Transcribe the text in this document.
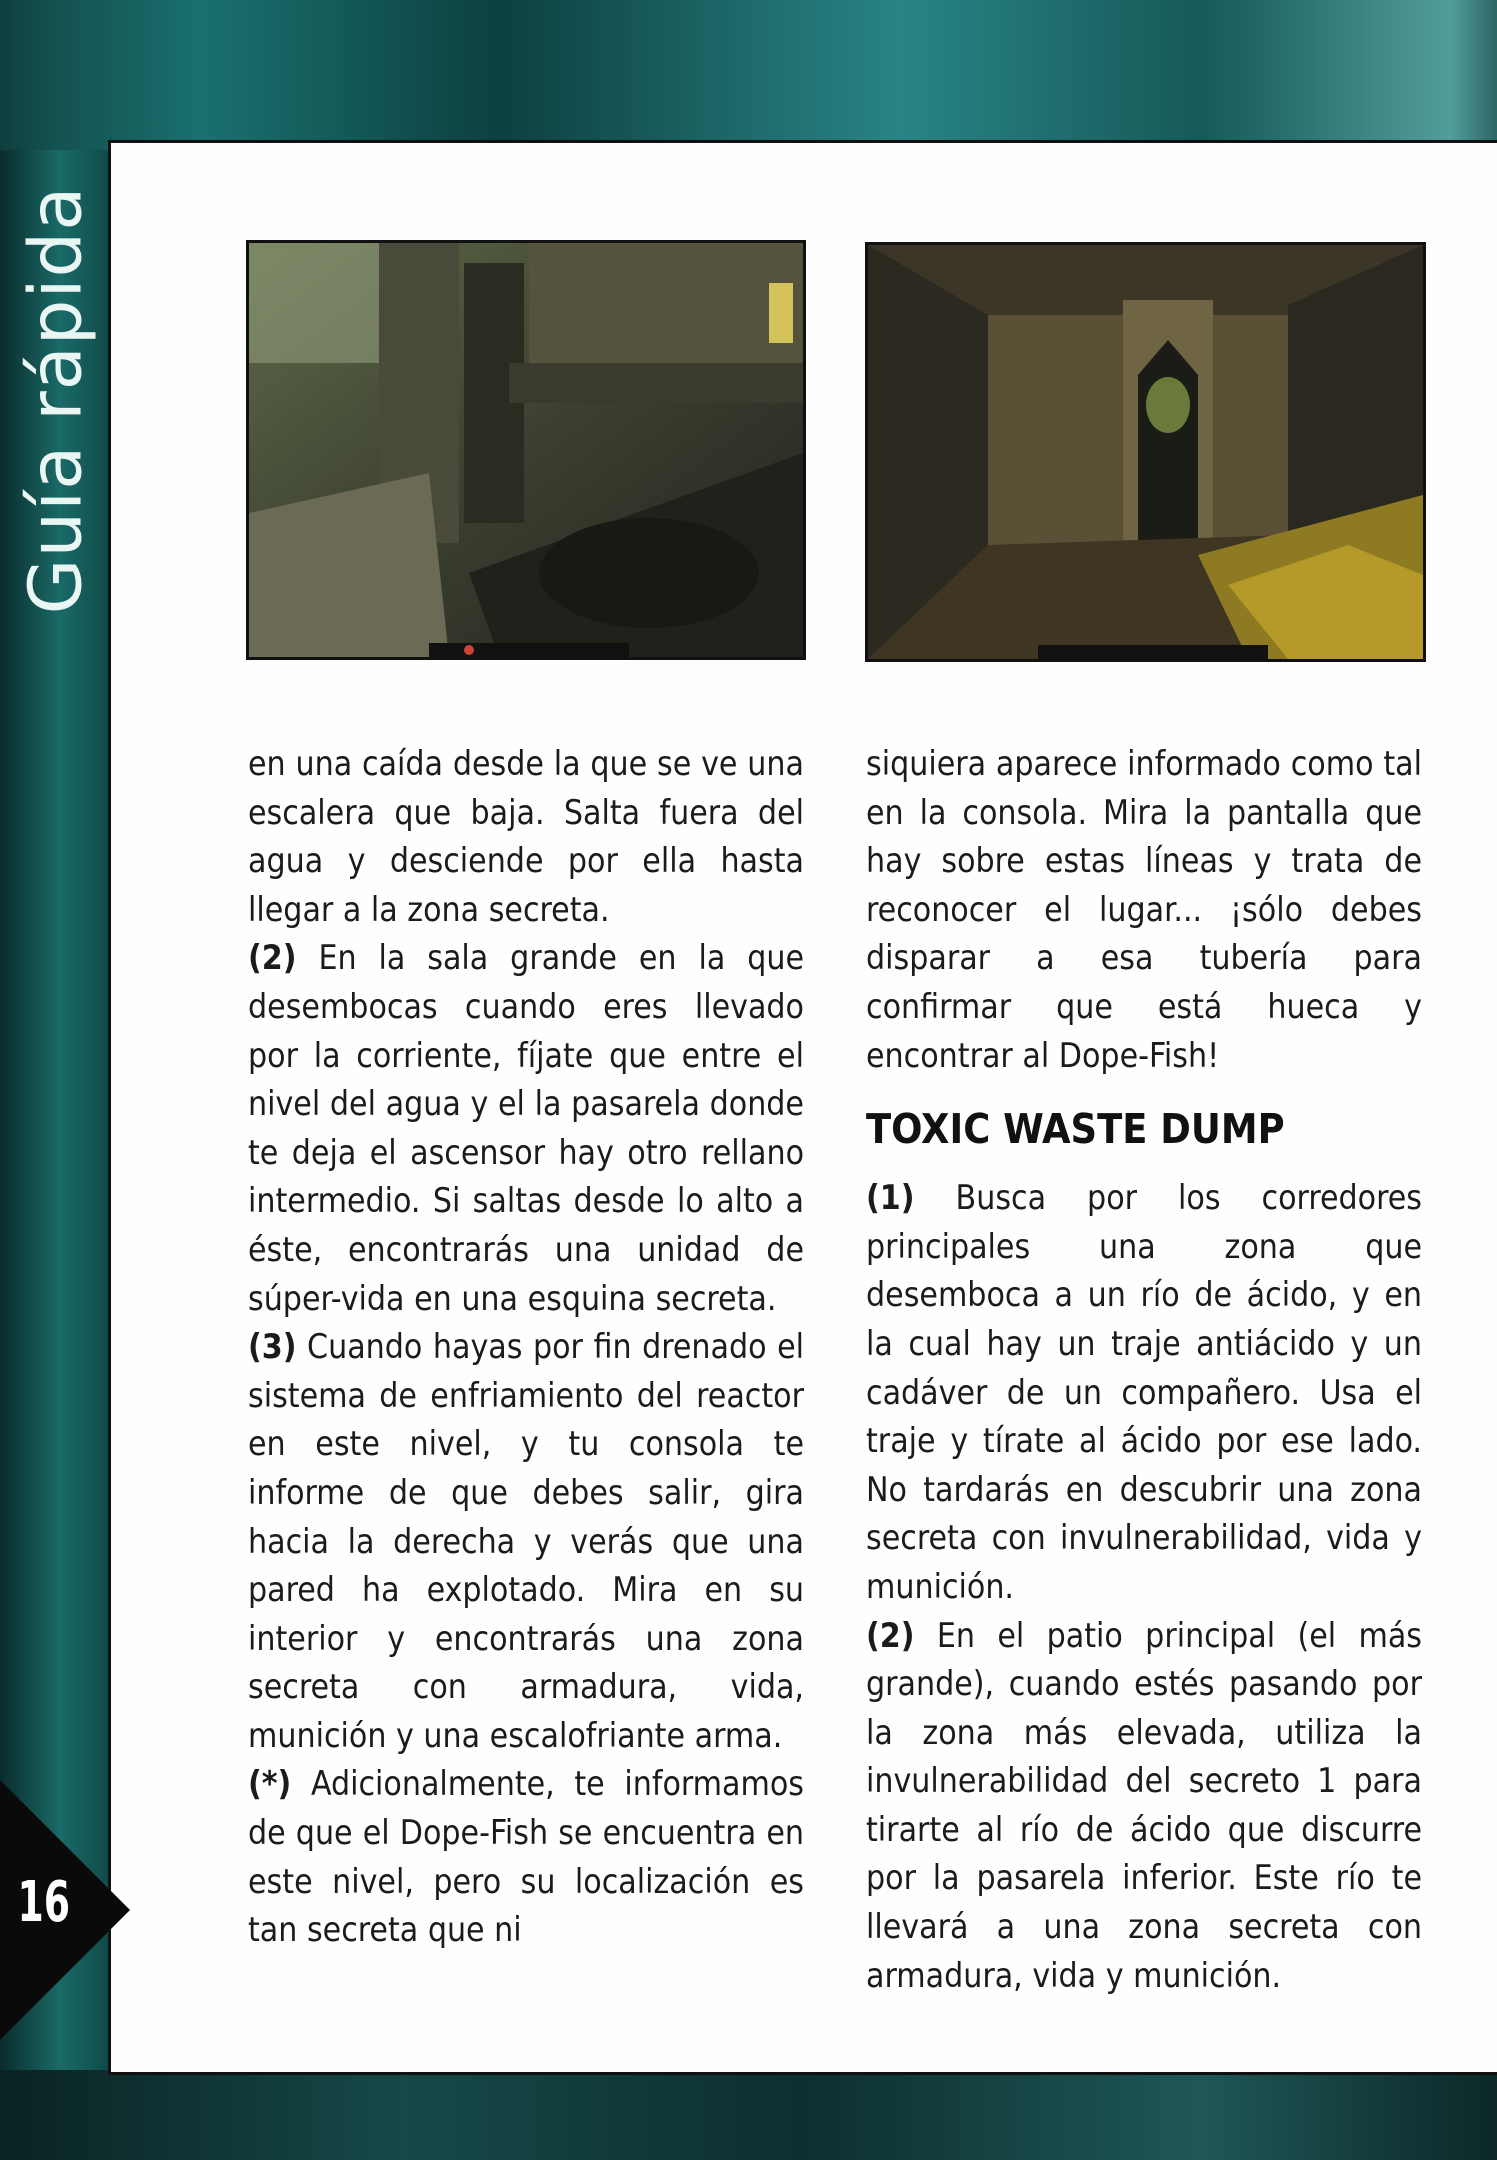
Guía rápida

en una caída desde la que se ve una escalera que baja. Salta fuera del agua y desciende por ella hasta llegar a la zona secreta.

(2) En la sala grande en la que desembocas cuando eres llevado por la corriente, fíjate que entre el nivel del agua y el la pasarela donde te deja el ascensor hay otro rellano intermedio. Si saltas desde lo alto a éste, encontrarás una unidad de súper-vida en una esquina secreta.

(3) Cuando hayas por fin drenado el sistema de enfriamiento del reactor en este nivel, y tu consola te informe de que debes salir, gira hacia la derecha y verás que una pared ha explotado. Mira en su interior y encontrarás una zona secreta con armadura, vida, munición y una escalofriante arma.

(*) Adicionalmente, te informamos de que el Dope-Fish se encuentra en este nivel, pero su localización es tan secreta que ni

siquiera aparece informado como tal en la consola. Mira la pantalla que hay sobre estas líneas y trata de reconocer el lugar... ¡sólo debes disparar a esa tubería para confirmar que está hueca y encontrar al Dope-Fish!

TOXIC WASTE DUMP

(1) Busca por los corredores principales una zona que desemboca a un río de ácido, y en la cual hay un traje antiácido y un cadáver de un compañero. Usa el traje y tírate al ácido por ese lado. No tardarás en descubrir una zona secreta con invulnerabilidad, vida y munición.

(2) En el patio principal (el más grande), cuando estés pasando por la zona más elevada, utiliza la invulnerabilidad del secreto 1 para tirarte al río de ácido que discurre por la pasarela inferior. Este río te llevará a una zona secreta con armadura, vida y munición.

16
